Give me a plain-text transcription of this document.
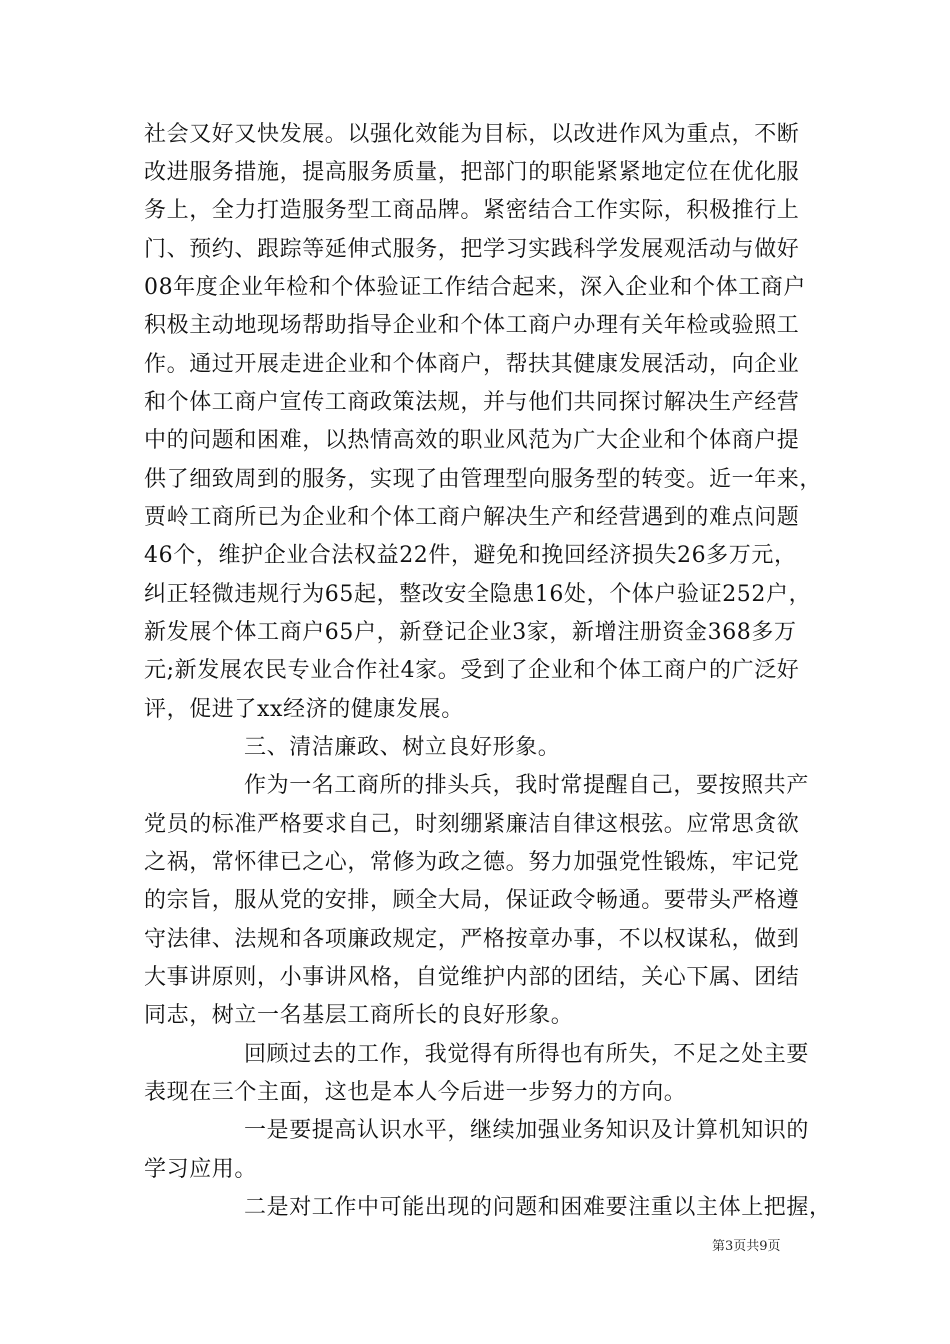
社会又好又快发展。以强化效能为目标，以改进作风为重点，不断
改进服务措施，提高服务质量，把部门的职能紧紧地定位在优化服
务上，全力打造服务型工商品牌。紧密结合工作实际，积极推行上
门、预约、跟踪等延伸式服务，把学习实践科学发展观活动与做好
08年度企业年检和个体验证工作结合起来，深入企业和个体工商户
积极主动地现场帮助指导企业和个体工商户办理有关年检或验照工
作。通过开展走进企业和个体商户，帮扶其健康发展活动，向企业
和个体工商户宣传工商政策法规，并与他们共同探讨解决生产经营
中的问题和困难，以热情高效的职业风范为广大企业和个体商户提
供了细致周到的服务，实现了由管理型向服务型的转变。近一年来，
贾岭工商所已为企业和个体工商户解决生产和经营遇到的难点问题
46个，维护企业合法权益22件，避免和挽回经济损失26多万元，
纠正轻微违规行为65起，整改安全隐患16处，个体户验证252户，
新发展个体工商户65户，新登记企业3家，新增注册资金368多万
元;新发展农民专业合作社4家。受到了企业和个体工商户的广泛好
评，促进了xx经济的健康发展。
三、清洁廉政、树立良好形象。
作为一名工商所的排头兵，我时常提醒自己，要按照共产
党员的标准严格要求自己，时刻绷紧廉洁自律这根弦。应常思贪欲
之祸，常怀律已之心，常修为政之德。努力加强党性锻炼，牢记党
的宗旨，服从党的安排，顾全大局，保证政令畅通。要带头严格遵
守法律、法规和各项廉政规定，严格按章办事，不以权谋私，做到
大事讲原则，小事讲风格，自觉维护内部的团结，关心下属、团结
同志，树立一名基层工商所长的良好形象。
回顾过去的工作，我觉得有所得也有所失，不足之处主要
表现在三个主面，这也是本人今后进一步努力的方向。
一是要提高认识水平，继续加强业务知识及计算机知识的
学习应用。
二是对工作中可能出现的问题和困难要注重以主体上把握，
第3页共9页
